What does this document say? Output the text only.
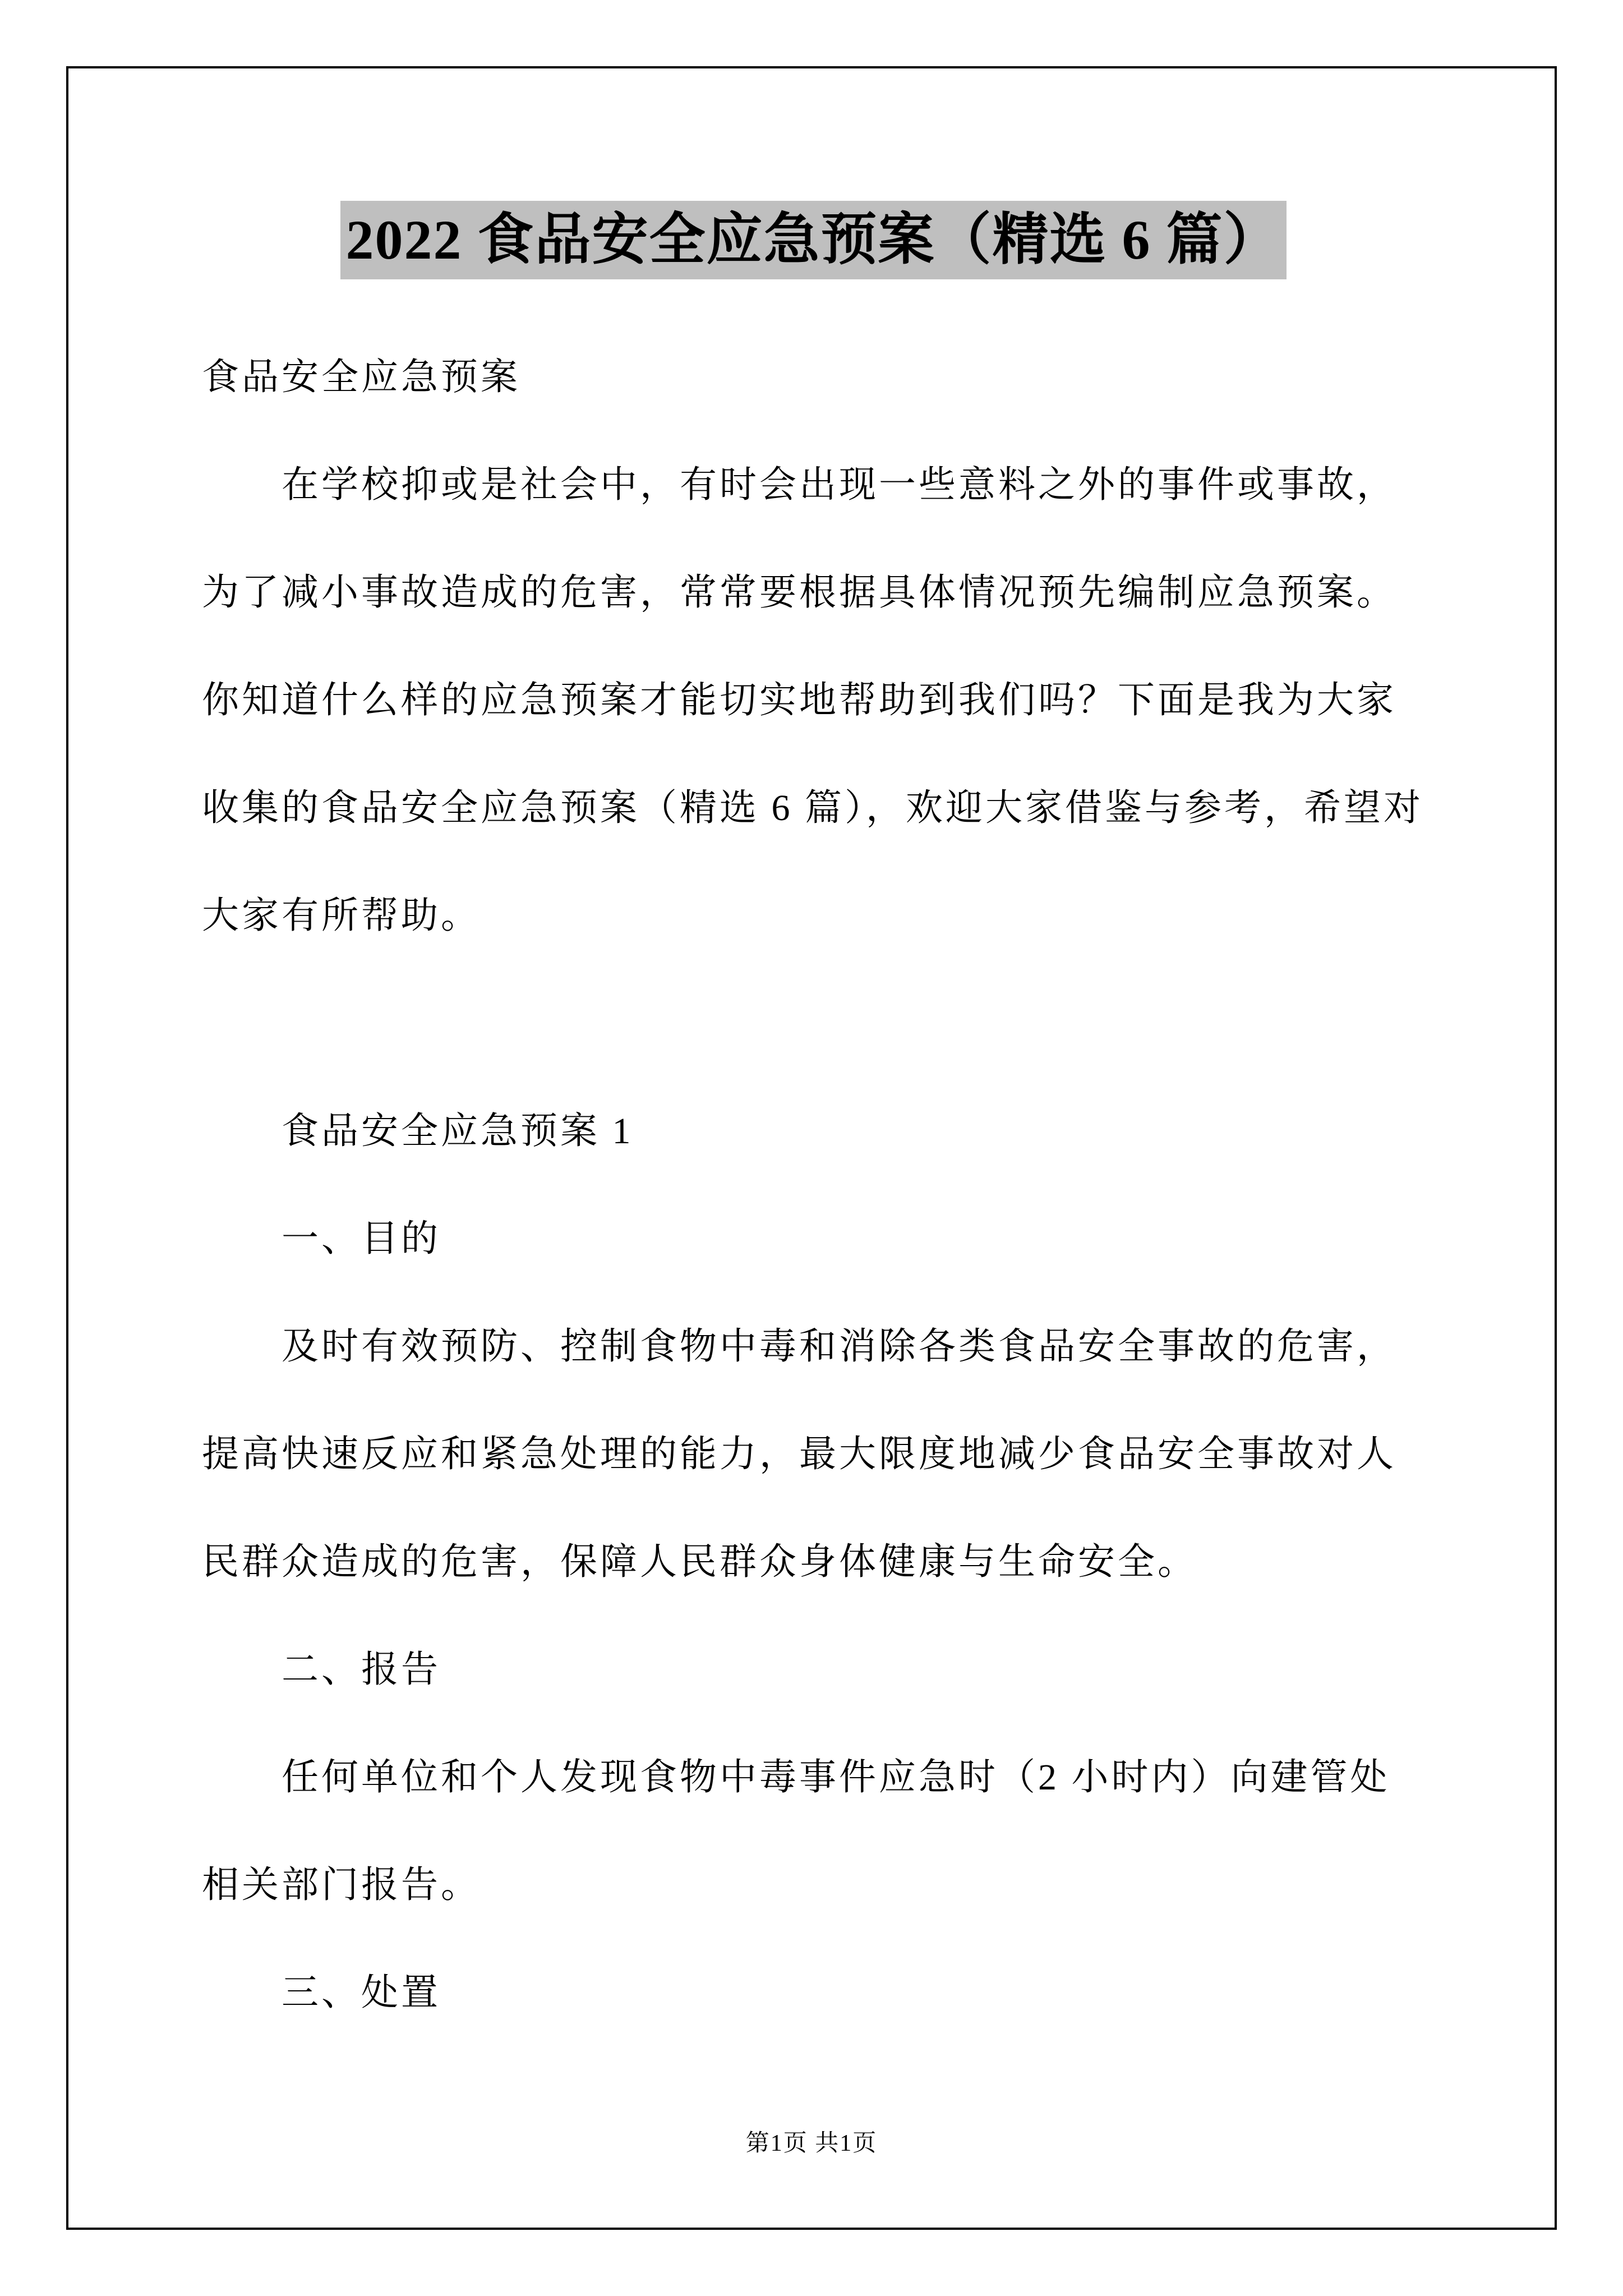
2022 食品安全应急预案（精选 6 篇）
食品安全应急预案
在学校抑或是社会中，有时会出现一些意料之外的事件或事故，
为了减小事故造成的危害，常常要根据具体情况预先编制应急预案。
你知道什么样的应急预案才能切实地帮助到我们吗？下面是我为大家
收集的食品安全应急预案（精选 6 篇），欢迎大家借鉴与参考，希望对
大家有所帮助。
食品安全应急预案 1
一、目的
及时有效预防、控制食物中毒和消除各类食品安全事故的危害，
提高快速反应和紧急处理的能力，最大限度地减少食品安全事故对人
民群众造成的危害，保障人民群众身体健康与生命安全。
二、报告
任何单位和个人发现食物中毒事件应急时（2 小时内）向建管处
相关部门报告。
三、处置
第1页 共1页
